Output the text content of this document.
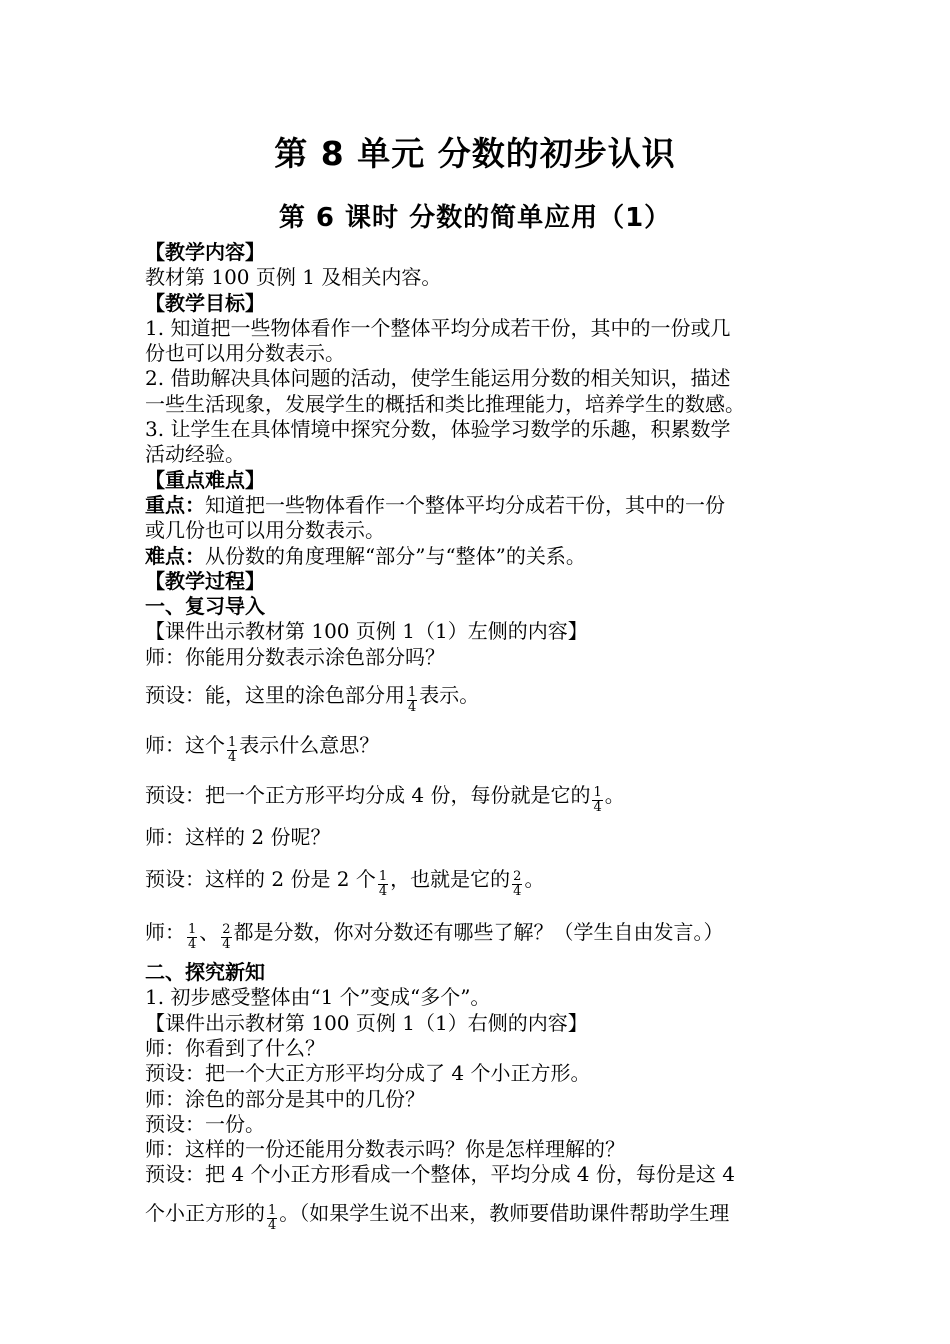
第 8 单元 分数的初步认识
第 6 课时 分数的简单应用（1）
【教学内容】
教材第 100 页例 1 及相关内容。
【教学目标】
1. 知道把一些物体看作一个整体平均分成若干份，其中的一份或几
份也可以用分数表示。
2. 借助解决具体问题的活动，使学生能运用分数的相关知识，描述
一些生活现象，发展学生的概括和类比推理能力，培养学生的数感。
3. 让学生在具体情境中探究分数，体验学习数学的乐趣，积累数学
活动经验。
【重点难点】
重点：知道把一些物体看作一个整体平均分成若干份，其中的一份
或几份也可以用分数表示。
难点：从份数的角度理解“部分”与“整体”的关系。
【教学过程】
一、复习导入
【课件出示教材第 100 页例 1（1）左侧的内容】
师：你能用分数表示涂色部分吗？
预设：能，这里的涂色部分用 $\frac{1}{4}$ 表示。
师：这个 $\frac{1}{4}$ 表示什么意思？
预设：把一个正方形平均分成 4 份，每份就是它的 $\frac{1}{4}$ 。
师：这样的 2 份呢？
预设：这样的 2 份是 2 个 $\frac{1}{4}$ ，也就是它的 $\frac{2}{4}$ 。
师： $\frac{1}{4}$ 、 $\frac{2}{4}$ 都是分数，你对分数还有哪些了解？（学生自由发言。）
二、探究新知
1. 初步感受整体由“1 个”变成“多个”。
【课件出示教材第 100 页例 1（1）右侧的内容】
师：你看到了什么？
预设：把一个大正方形平均分成了 4 个小正方形。
师：涂色的部分是其中的几份？
预设：一份。
师：这样的一份还能用分数表示吗？你是怎样理解的？
预设：把 4 个小正方形看成一个整体，平均分成 4 份，每份是这 4
个小正方形的 $\frac{1}{4}$ 。（如果学生说不出来，教师要借助课件帮助学生理
